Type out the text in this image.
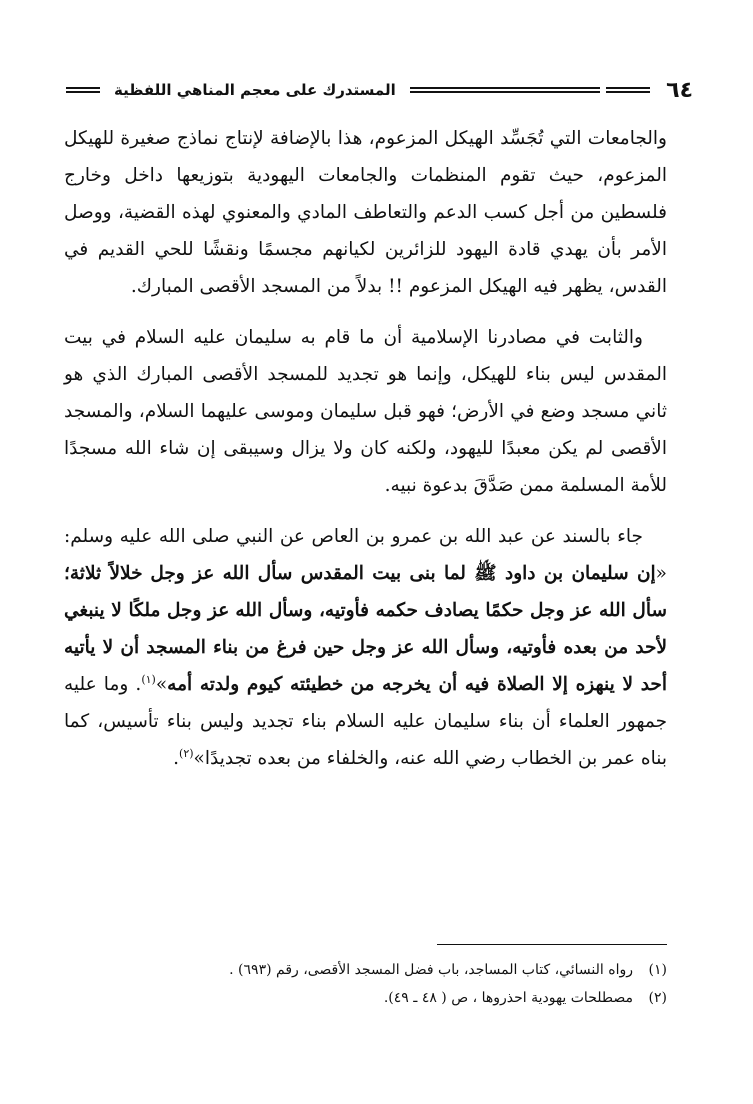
٦٤
المستدرك على معجم المناهي اللفظية

والجامعات التي تُجَسِّد الهيكل المزعوم، هذا بالإضافة لإنتاج نماذج صغيرة للهيكل المزعوم، حيث تقوم المنظمات والجامعات اليهودية بتوزيعها داخل وخارج فلسطين من أجل كسب الدعم والتعاطف المادي والمعنوي لهذه القضية، ووصل الأمر بأن يهدي قادة اليهود للزائرين لكيانهم مجسمًا ونقشًا للحي القديم في القدس، يظهر فيه الهيكل المزعوم !! بدلاً من المسجد الأقصى المبارك.

والثابت في مصادرنا الإسلامية أن ما قام به سليمان عليه السلام في بيت المقدس ليس بناء للهيكل، وإنما هو تجديد للمسجد الأقصى المبارك الذي هو ثاني مسجد وضع في الأرض؛ فهو قبل سليمان وموسى عليهما السلام، والمسجد الأقصى لم يكن معبدًا لليهود، ولكنه كان ولا يزال وسيبقى إن شاء الله مسجدًا للأمة المسلمة ممن صَدَّقَ بدعوة نبيه.

جاء بالسند عن عبد الله بن عمرو بن العاص عن النبي صلى الله عليه وسلم: «إن سليمان بن داود ﷺ لما بنى بيت المقدس سأل الله عز وجل خلالاً ثلاثة؛ سأل الله عز وجل حكمًا يصادف حكمه فأوتيه، وسأل الله عز وجل ملكًا لا ينبغي لأحد من بعده فأوتيه، وسأل الله عز وجل حين فرغ من بناء المسجد أن لا يأتيه أحد لا ينهزه إلا الصلاة فيه أن يخرجه من خطيئته كيوم ولدته أمه»$^{(١)}$. وما عليه جمهور العلماء أن بناء سليمان عليه السلام بناء تجديد وليس بناء تأسيس، كما بناه عمر بن الخطاب رضي الله عنه، والخلفاء من بعده تجديدًا»$^{(٢)}$.

(١)
رواه النسائي، كتاب المساجد، باب فضل المسجد الأقصى، رقم (٦٩٣) .
(٢)
مصطلحات يهودية احذروها ، ص ( ٤٨ ـ ٤٩).
